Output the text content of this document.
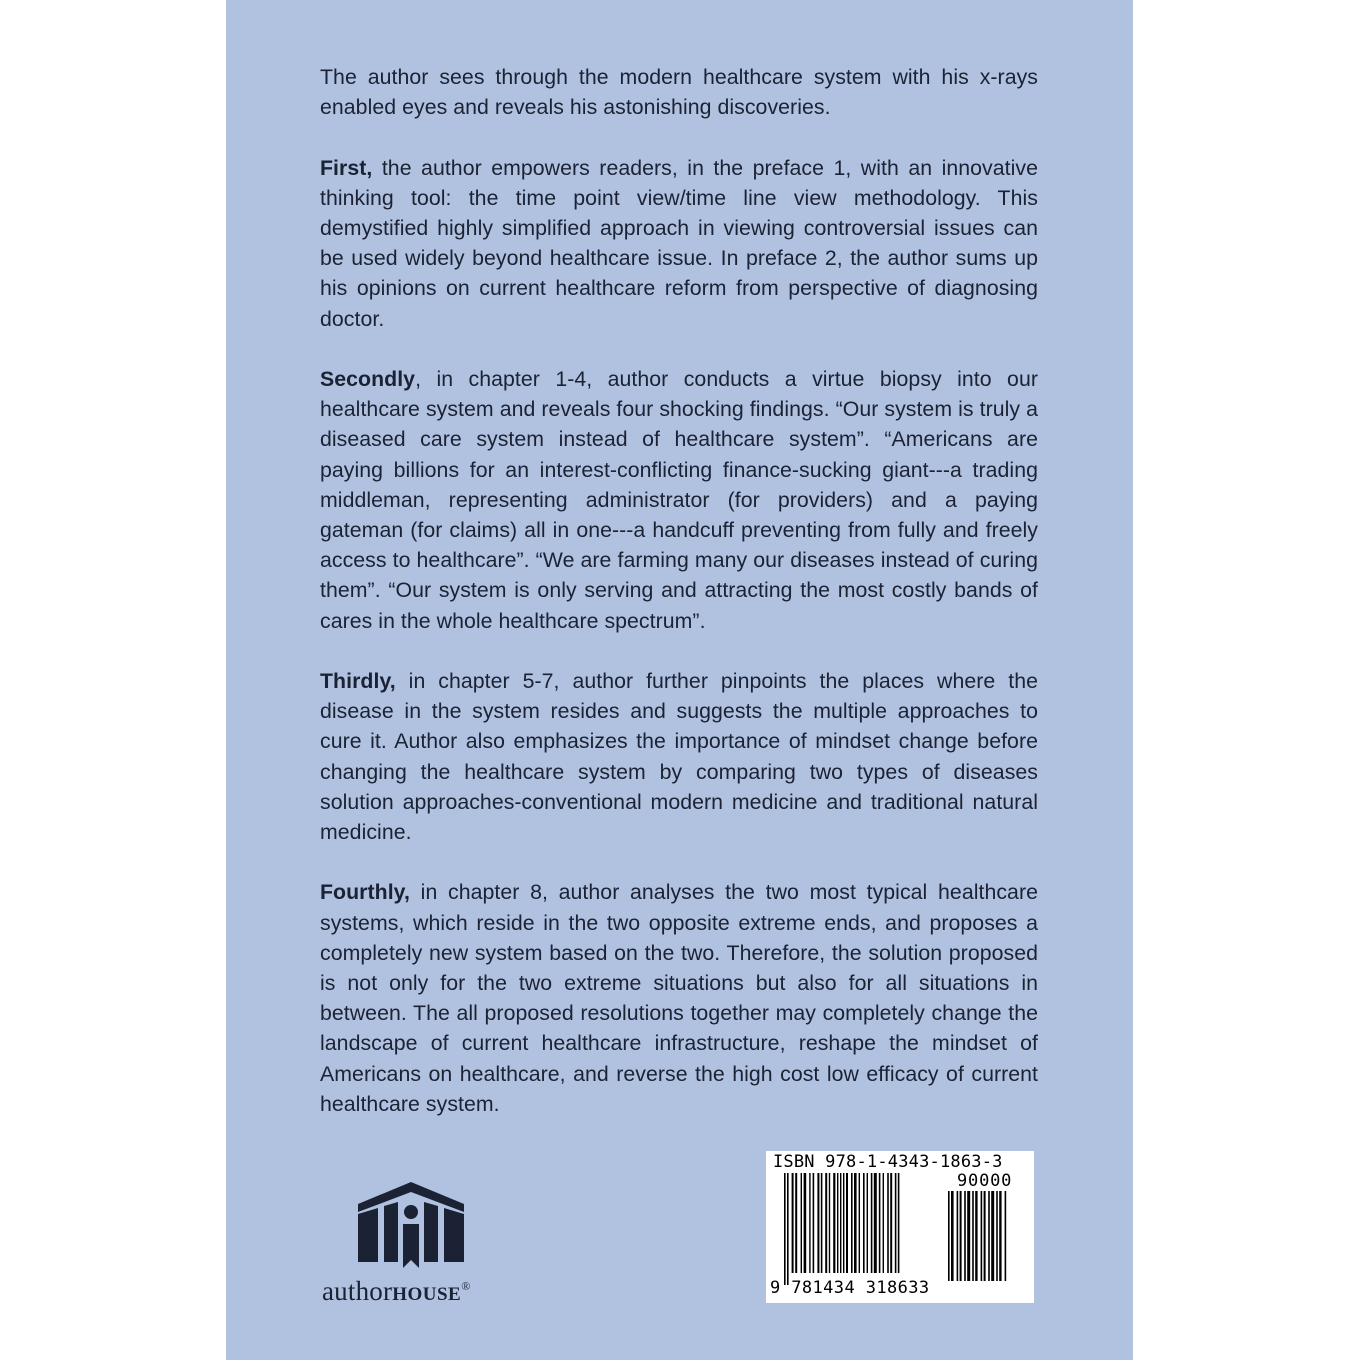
The author sees through the modern healthcare system with his x-rays enabled eyes and reveals his astonishing discoveries.

First, the author empowers readers, in the preface 1, with an innovative thinking tool: the time point view/time line view methodology. This demystified highly simplified approach in viewing controversial issues can be used widely beyond healthcare issue. In preface 2, the author sums up his opinions on current healthcare reform from perspective of diagnosing doctor.

Secondly, in chapter 1-4, author conducts a virtue biopsy into our healthcare system and reveals four shocking findings. “Our system is truly a diseased care system instead of healthcare system”. “Americans are paying billions for an interest-conflicting finance-sucking giant---a trading middleman, representing administrator (for providers) and a paying gateman (for claims) all in one---a handcuff preventing from fully and freely access to healthcare”. “We are farming many our diseases instead of curing them”. “Our system is only serving and attracting the most costly bands of cares in the whole healthcare spectrum”.

Thirdly, in chapter 5-7, author further pinpoints the places where the disease in the system resides and suggests the multiple approaches to cure it. Author also emphasizes the importance of mindset change before changing the healthcare system by comparing two types of diseases solution approaches-conventional modern medicine and traditional natural medicine.

Fourthly, in chapter 8, author analyses the two most typical healthcare systems, which reside in the two opposite extreme ends, and proposes a completely new system based on the two. Therefore, the solution proposed is not only for the two extreme situations but also for all situations in between. The all proposed resolutions together may completely change the landscape of current healthcare infrastructure, reshape the mindset of Americans on healthcare, and reverse the high cost low efficacy of current healthcare system.

authorHOUSE®
ISBN 978-1-4343-1863-3
90000
9 781434 318633
